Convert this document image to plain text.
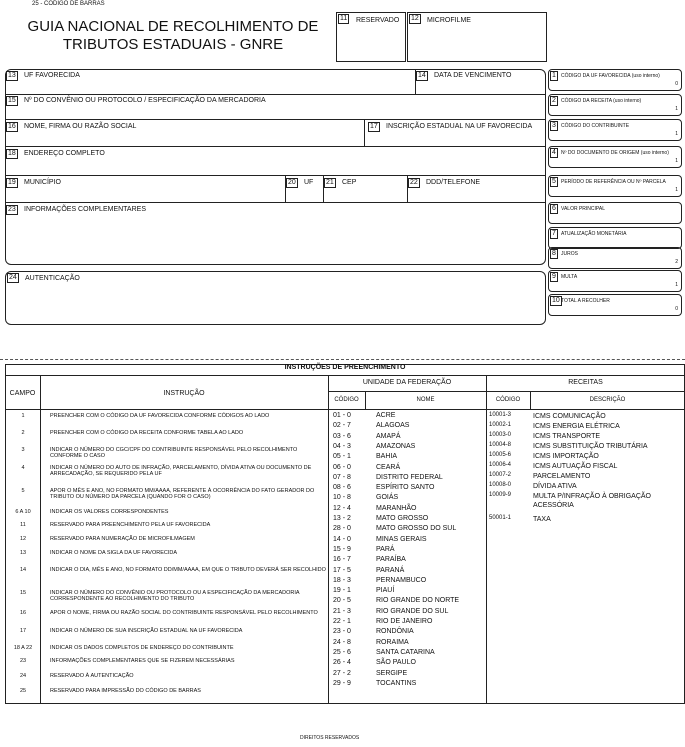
25 - CÓDIGO DE BARRAS
GUIA NACIONAL DE RECOLHIMENTO DE
TRIBUTOS ESTADUAIS - GNRE
11 RESERVADO 12 MICROFILME
13 UF FAVORECIDA	14 DATA DE VENCIMENTO
15 Nº DO CONVÊNIO OU PROTOCOLO / ESPECIFICAÇÃO DA MERCADORIA
16 NOME, FIRMA OU RAZÃO SOCIAL	17 INSCRIÇÃO ESTADUAL NA UF FAVORECIDA
18 ENDEREÇO COMPLETO
19 MUNICÍPIO	20 UF 21 CEP	22 DDD/TELEFONE
23 INFORMAÇÕES COMPLEMENTARES
24 AUTENTICAÇÃO
1	CÓDIGO DA UF FAVORECIDA (uso interno)
0
2	CÓDIGO DA RECEITA (uso interno)
1
3	CÓDIGO DO CONTRIBUINTE
1
4	Nº DO DOCUMENTO DE ORIGEM (uso interno)
1
5	PERÍODO DE REFERÊNCIA OU Nº PARCELA
1
6	VALOR PRINCIPAL
7	ATUALIZAÇÃO MONETÁRIA
8	JUROS
2
9	MULTA
1
10 TOTAL A RECOLHER
0
INSTRUÇÕES DE PREENCHIMENTO
CAMPO	INSTRUÇÃO
UNIDADE DA FEDERAÇÃO
CÓDIGO	NOME
RECEITAS
CÓDIGO	DESCRIÇÃO
1	PREENCHER COM O CÓDIGO DA UF FAVORECIDA CONFORME CÓDIGOS AO LADO
2	PREENCHER COM O CÓDIGO DA RECEITA CONFORME TABELA AO LADO
3	INDICAR O NÚMERO DO CGC/CPF DO CONTRIBUINTE RESPONSÁVEL PELO RECOLHIMENTO CONFORME O CASO
4	INDICAR O NÚMERO DO AUTO DE INFRAÇÃO, PARCELAMENTO, DÍVIDA ATIVA OU DOCUMENTO DE ARRECADAÇÃO, SE REQUERIDO PELA UF
5	APOR O MÊS E ANO, NO FORMATO MM/AAAA, REFERENTE À OCORRÊNCIA DO FATO GERADOR DO TRIBUTO OU NÚMERO DA PARCELA (QUANDO FOR O CASO)
6 A 10	INDICAR OS VALORES CORRESPONDENTES
11	RESERVADO PARA PREENCHIMENTO PELA UF FAVORECIDA
12	RESERVADO PARA NUMERAÇÃO DE MICROFILMAGEM
13	INDICAR O NOME DA SIGLA DA UF FAVORECIDA
14	INDICAR O DIA, MÊS E ANO, NO FORMATO DD/MM/AAAA, EM QUE O TRIBUTO DEVERÁ SER RECOLHIDO
15	INDICAR O NÚMERO DO CONVÊNIO OU PROTOCOLO OU A ESPECIFICAÇÃO DA MERCADORIA CORRESPONDENTE AO RECOLHIMENTO DO TRIBUTO
16	APOR O NOME, FIRMA OU RAZÃO SOCIAL DO CONTRIBUINTE RESPONSÁVEL PELO RECOLHIMENTO
17	INDICAR O NÚMERO DE SUA INSCRIÇÃO ESTADUAL NA UF FAVORECIDA
18 A 22	INDICAR OS DADOS COMPLETOS DE ENDEREÇO DO CONTRIBUINTE
23	INFORMAÇÕES COMPLEMENTARES QUE SE FIZEREM NECESSÁRIAS
24	RESERVADO À AUTENTICAÇÃO
25	RESERVADO PARA IMPRESSÃO DO CÓDIGO DE BARRAS
01 - 0	ACRE
02 - 7	ALAGOAS
03 - 6	AMAPÁ
04 - 3	AMAZONAS
05 - 1	BAHIA
06 - 0	CEARÁ
07 - 8	DISTRITO FEDERAL
08 - 6	ESPÍRITO SANTO
10 - 8	GOIÁS
12 - 4	MARANHÃO
13 - 2	MATO GROSSO
28 - 0	MATO GROSSO DO SUL
14 - 0	MINAS GERAIS
15 - 9	PARÁ
16 - 7	PARAÍBA
17 - 5	PARANÁ
18 - 3	PERNAMBUCO
19 - 1	PIAUÍ
20 - 5	RIO GRANDE DO NORTE
21 - 3	RIO GRANDE DO SUL
22 - 1	RIO DE JANEIRO
23 - 0	RONDÔNIA
24 - 8	RORAIMA
25 - 6	SANTA CATARINA
26 - 4	SÃO PAULO
27 - 2	SERGIPE
29 - 9	TOCANTINS
10001-3	ICMS COMUNICAÇÃO
10002-1	ICMS ENERGIA ELÉTRICA
10003-0	ICMS TRANSPORTE
10004-8	ICMS SUBSTITUIÇÃO TRIBUTÁRIA
10005-6	ICMS IMPORTAÇÃO
10006-4	ICMS AUTUAÇÃO FISCAL
10007-2	PARCELAMENTO
10008-0	DÍVIDA ATIVA
10009-9	MULTA P/INFRAÇÃO À OBRIGAÇÃO ACESSÓRIA
50001-1	TAXA
DIREITOS RESERVADOS
